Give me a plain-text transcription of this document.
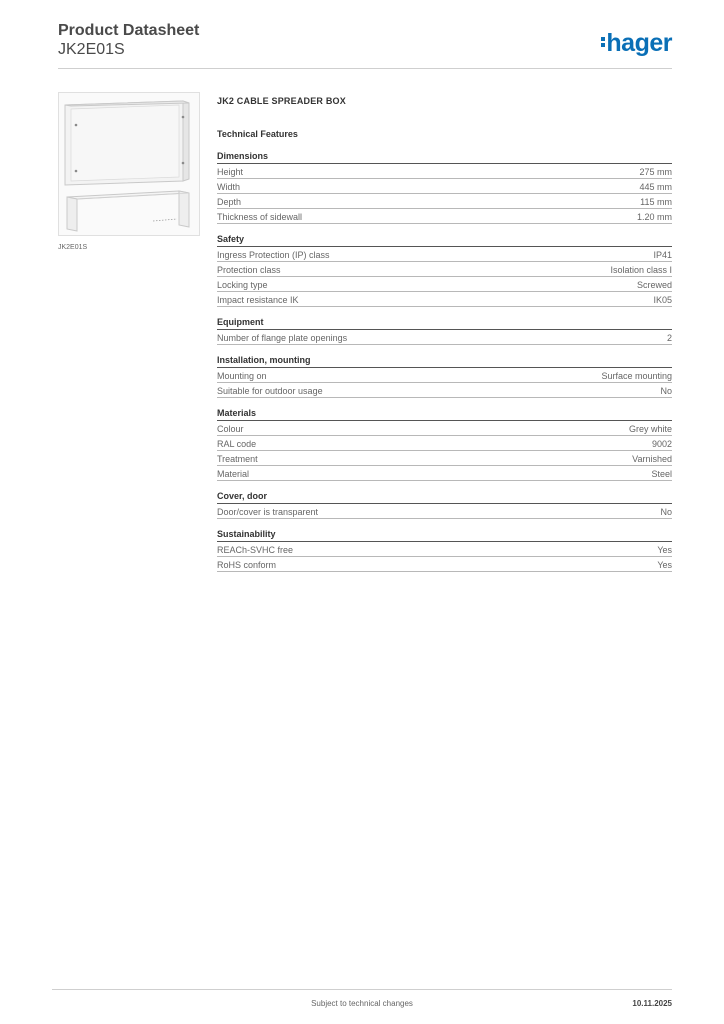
Product Datasheet
JK2E01S	hager
JK2E01S
JK2 CABLE SPREADER BOX
Technical Features
Dimensions
Height	275 mm
Width	445 mm
Depth	115 mm
Thickness of sidewall	1.20 mm
Safety
Ingress Protection (IP) class	IP41
Protection class	Isolation class I
Locking type	Screwed
Impact resistance IK	IK05
Equipment
Number of flange plate openings	2
Installation, mounting
Mounting on	Surface mounting
Suitable for outdoor usage	No
Materials
Colour	Grey white
RAL code	9002
Treatment	Varnished
Material	Steel
Cover, door
Door/cover is transparent	No
Sustainability
REACh-SVHC free	Yes
RoHS conform	Yes
Subject to technical changes	10.11.2025
